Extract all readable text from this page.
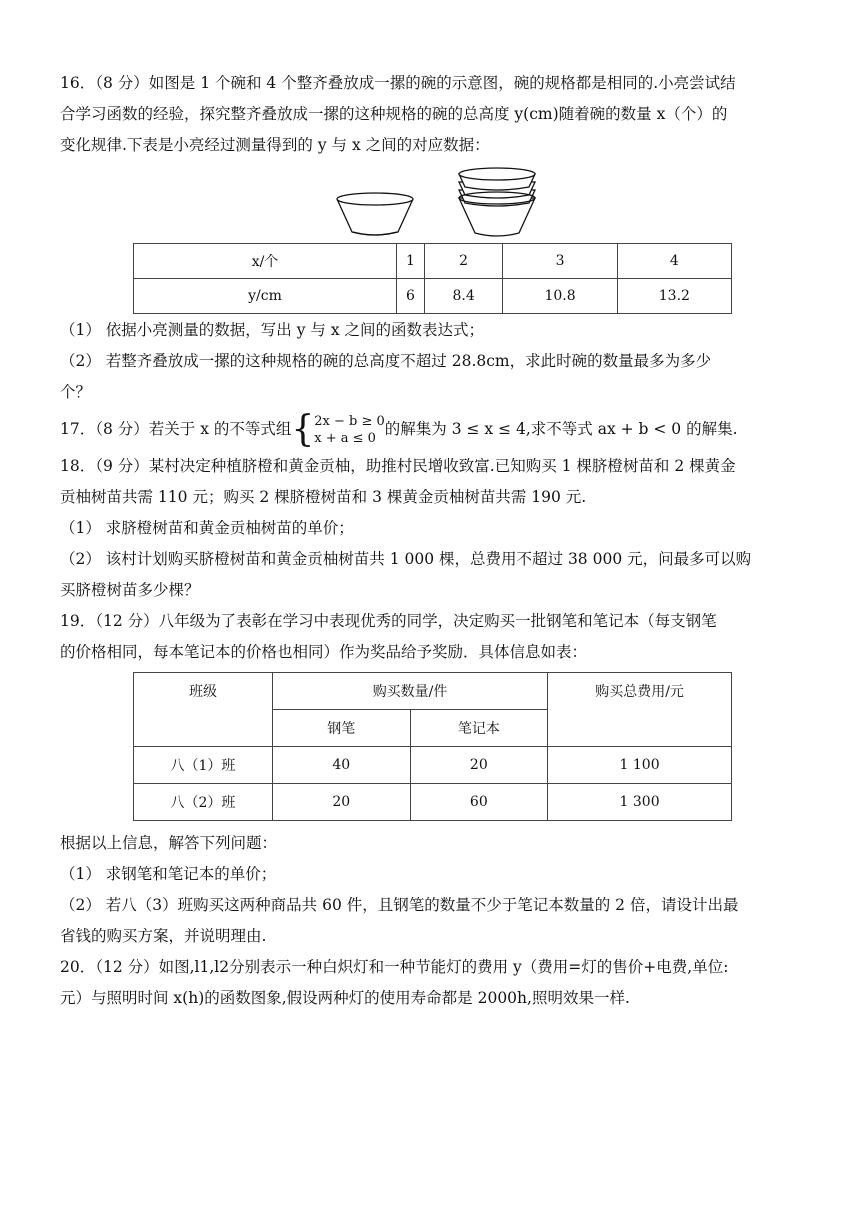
16．（8 分）如图是 1 个碗和 4 个整齐叠放成一摞的碗的示意图，碗的规格都是相同的.小亮尝试结
合学习函数的经验，探究整齐叠放成一摞的这种规格的碗的总高度 y(cm)随着碗的数量 x（个）的
变化规律.下表是小亮经过测量得到的 y 与 x 之间的对应数据：
x/个	1	2	3	4
y/cm	6	8.4	10.8	13.2
（1） 依据小亮测量的数据，写出 y 与 x 之间的函数表达式；
（2） 若整齐叠放成一摞的这种规格的碗的总高度不超过 28.8cm，求此时碗的数量最多为多少
个？
17．（8 分）若关于 x 的不等式组{2x − b ≥ 0
x + a ≤ 0的解集为 3 ≤ x ≤ 4,求不等式 ax + b < 0 的解集.
18．（9 分）某村决定种植脐橙和黄金贡柚，助推村民增收致富.已知购买 1 棵脐橙树苗和 2 棵黄金
贡柚树苗共需 110 元；购买 2 棵脐橙树苗和 3 棵黄金贡柚树苗共需 190 元.
（1） 求脐橙树苗和黄金贡柚树苗的单价；
（2） 该村计划购买脐橙树苗和黄金贡柚树苗共 1 000 棵，总费用不超过 38 000 元，问最多可以购
买脐橙树苗多少棵？
19．（12 分）八年级为了表彰在学习中表现优秀的同学，决定购买一批钢笔和笔记本（每支钢笔
的价格相同，每本笔记本的价格也相同）作为奖品给予奖励．具体信息如表：
班级	购买数量/件		购买总费用/元
	钢笔	笔记本	
八（1）班	40	20	1 100
八（2）班	20	60	1 300
根据以上信息，解答下列问题：
（1） 求钢笔和笔记本的单价；
（2） 若八（3）班购买这两种商品共 60 件，且钢笔的数量不少于笔记本数量的 2 倍，请设计出最
省钱的购买方案，并说明理由.
20．（12 分）如图,l1,l2分别表示一种白炽灯和一种节能灯的费用 y（费用=灯的售价+电费,单位:
元）与照明时间 x(h)的函数图象,假设两种灯的使用寿命都是 2000h,照明效果一样.
